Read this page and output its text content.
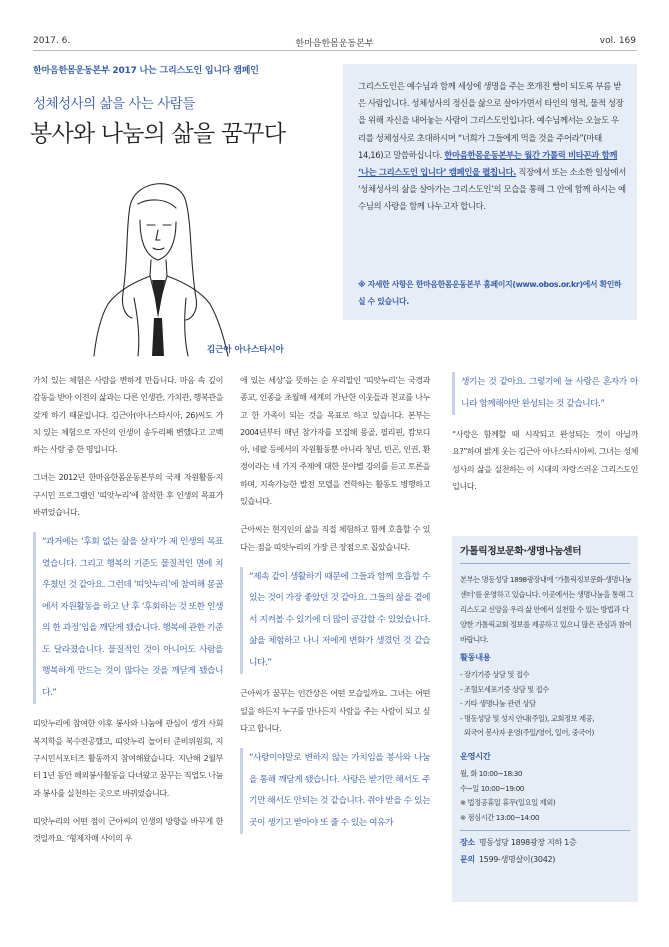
2017. 6.	한마음한몸운동본부	vol. 169
한마음한몸운동본부 2017 나는 그리스도인 입니다 캠페인
성체성사의 삶을 사는 사람들
봉사와 나눔의 삶을 꿈꾸다
김근아 아나스타시아
그리스도인은 예수님과 함께 세상에 생명을 주는 쪼개진 빵이 되도록 부름 받은 사람입니다. 성체성사의 정신을 삶으로 살아가면서 타인의 영적, 물적 성장을 위해 자신을 내어놓는 사람이 그리스도인입니다. 예수님께서는 오늘도 우리를 성체성사로 초대하시며 “너희가 그들에게 먹을 것을 주어라”(마태14,16)고 말씀하십니다. 한마음한몸운동본부는 월간 가톨릭 비타꼰과 함께 ‘나는 그리스도인 입니다’ 캠페인을 펼칩니다. 직장에서 또는 소소한 일상에서 ‘성체성사의 삶을 살아가는 그리스도인’의 모습을 통해 그 안에 함께 하시는 예수님의 사랑을 함께 나누고자 합니다.
※ 자세한 사항은 한마음한몸운동본부 홈페이지(www.obos.or.kr)에서 확인하실 수 있습니다.

가치 있는 체험은 사람을 변하게 만듭니다. 마음 속 깊이 감동을 받아 이전의 삶과는 다른 인생관, 가치관, 행복관을 갖게 하기 때문입니다. 김근아(아나스타시아, 26)씨도 가치 있는 체험으로 자신의 인생이 송두리째 변했다고 고백하는 사람 중 한 명입니다.

그녀는 2012년 한마음한몸운동본부의 국제 자원활동·지구시민 프로그램인 ‘띠앗누리’에 참석한 후 인생의 목표가 바뀌었습니다.

“과거에는 ‘후회 없는 삶을 살자’가 제 인생의 목표였습니다. 그리고 행복의 기준도 물질적인 면에 치우쳤던 것 같아요. 그런데 ‘띠앗누리’에 참여해 몽골에서 자원활동을 하고 난 후 ‘후회하는 것 또한 인생의 한 과정’임을 깨닫게 됐습니다. 행복에 관한 기준도 달라졌습니다. 물질적인 것이 아니어도 사람을 행복하게 만드는 것이 많다는 것을 깨닫게 됐습니다.”

띠앗누리에 참여한 이후 봉사와 나눔에 관심이 생겨 사회복지학을 복수전공했고, 띠앗누리 놀이터 준비위원회, 지구시민서포터즈 활동까지 참여해왔습니다. 지난해 2월부터 1년 동안 해외봉사활동을 다녀왔고 꿈꾸는 직업도 나눔과 봉사를 실천하는 곳으로 바뀌었습니다.

띠앗누리의 어떤 점이 근아씨의 인생의 방향을 바꾸게 한 것일까요. ‘형제자매 사이의 우

애 있는 세상’을 뜻하는 순 우리말인 ‘띠앗누리’는 국경과 종교, 인종을 초월해 세계의 가난한 이웃들과 친교를 나누고 한 가족이 되는 것을 목표로 하고 있습니다. 본부는 2004년부터 매년 참가자를 모집해 몽골, 필리핀, 캄보디아, 네팔 등에서의 자원활동뿐 아니라 청년, 빈곤, 인권, 환경이라는 네 가지 주제에 대한 분야별 강의를 듣고 토론을 하며, 지속가능한 발전 모델을 견학하는 활동도 병행하고 있습니다.

근아씨는 현지인의 삶을 직접 체험하고 함께 호흡할 수 있다는 점을 띠앗누리의 가장 큰 장점으로 꼽았습니다.

“제속 같이 생활하기 때문에 그들과 함께 호흡할 수 있는 것이 가장 좋았던 것 같아요. 그들의 삶을 곁에서 지켜볼 수 있기에 더 많이 공감할 수 있었습니다. 삶을 체험하고 나니 저에게 변화가 생겼던 것 같습니다.”

근아씨가 꿈꾸는 인간상은 어떤 모습일까요. 그녀는 어떤 일을 하든지 누구를 만나든지 사람을 주는 사람이 되고 싶다고 합니다.

“사랑이야말로 변하지 않는 가치임을 봉사와 나눔을 통해 깨닫게 됐습니다. 사랑은 받기만 해서도 주기만 해서도 안되는 것 같습니다. 쥐야 받을 수 있는 곳이 생기고 받아야 또 줄 수 있는 여유가

생기는 것 같아요. 그렇기에 늘 사랑은 혼자가 아니라 함께해야만 완성되는 것 같습니다.”

“사랑은 함께할 때 시작되고 완성되는 것이 아닐까요?”하며 밝게 웃는 김근아 아나스타시아씨. 그녀는 성체성사의 삶을 실천하는 이 시대의 자랑스러운 그리스도인입니다.

가톨릭정보문화·생명나눔센터
본부는 명동성당 1898광장내에 ‘가톨릭정보문화·생명나눔센터’를 운영하고 있습니다. 이곳에서는 생명나눔을 통해 그리스도교 신앙을 우리 삶 안에서 실천할 수 있는 방법과 다양한 가톨릭교회 정보를 제공하고 있으니 많은 관심과 참여 바랍니다.
활동내용
- 장기기증 상담 및 접수
- 조혈모세포기증 상담 및 접수
- 기타 생명나눔 관련 상담
- 명동성당 및 성지 안내(주일), 교회정보 제공,
외국어 봉사자 운영(주일/영어, 일어, 중국어)
운영시간
월, 화 10:00~18:30
수~일 10:00~19:00
※ 법정공휴일 휴무(일요일 제외)
※ 점심시간 13:00~14:00
장소 명동성당 1898광장 지하 1층
문의 1599-생명살이(3042)
